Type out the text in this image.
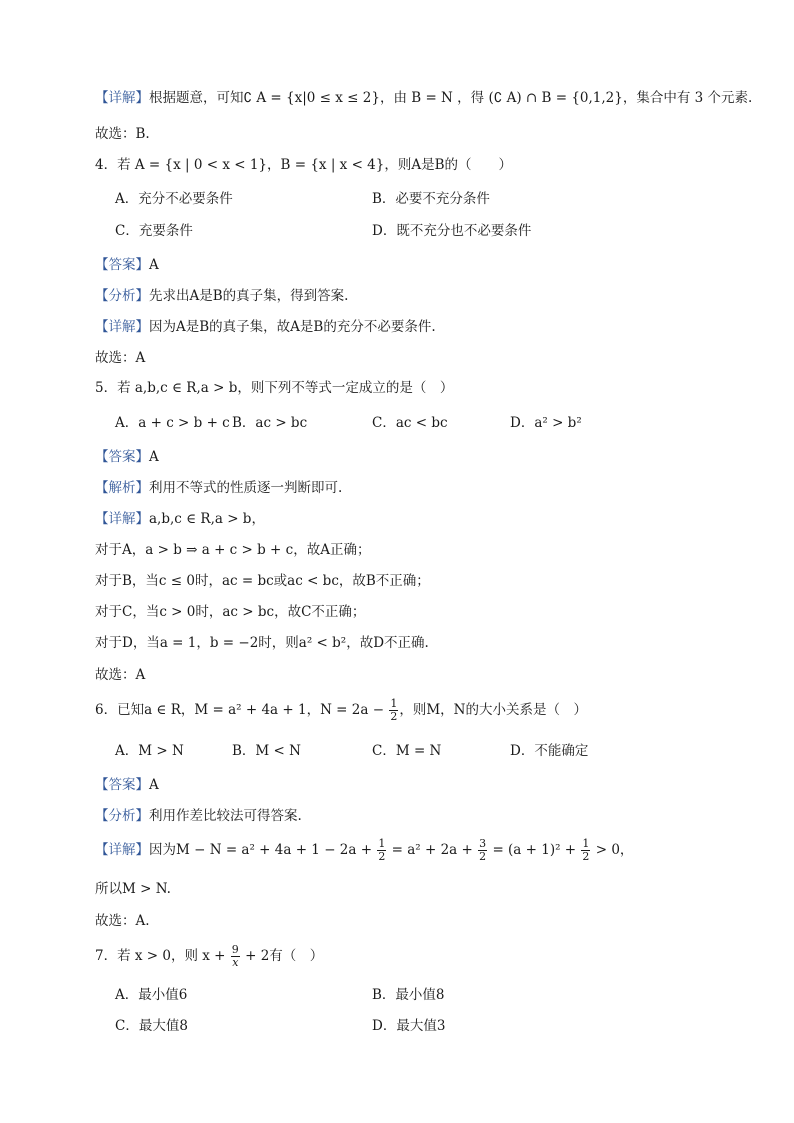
【详解】根据题意，可知∁ A = {x|0 ≤ x ≤ 2}，由 B = N ，得 (∁ A) ∩ B = {0,1,2}，集合中有 3 个元素.
故选：B.
4．若 A = {x | 0 < x < 1}，B = {x | x < 4}，则A是B的（　　）
A．充分不必要条件	B．必要不充分条件
C．充要条件	D．既不充分也不必要条件
【答案】A
【分析】先求出A是B的真子集，得到答案.
【详解】因为A是B的真子集，故A是B的充分不必要条件.
故选：A
5．若 a,b,c ∈ R,a > b，则下列不等式一定成立的是（　）
A．a + c > b + c B．ac > bc	C．ac < bc	D．a² > b²
【答案】A
【解析】利用不等式的性质逐一判断即可.
【详解】a,b,c ∈ R,a > b，
对于A，a > b ⇒ a + c > b + c，故A正确；
对于B，当c ≤ 0时，ac = bc或ac < bc，故B不正确；
对于C，当c > 0时，ac > bc，故C不正确；
对于D，当a = 1，b = −2时，则a² < b²，故D不正确.
故选：A
6．已知a ∈ R，M = a² + 4a + 1，$N = 2a - \frac{1}{2}$ ，则M，N的大小关系是（　）
A．M > N	B．M < N	C．M = N	D．不能确定
【答案】A
【分析】利用作差比较法可得答案.
【详解】因为$M - N = a^2 + 4a + 1 - 2a + \frac{1}{2} = a^2 + 2a + \frac{3}{2} = (a + 1)^2 + \frac{1}{2} > 0$，
所以M > N.
故选：A.
7．若 x > 0，则 $x + \frac{9}{x} + 2$有（　）
A．最小值6	B．最小值8
C．最大值8	D．最大值3
